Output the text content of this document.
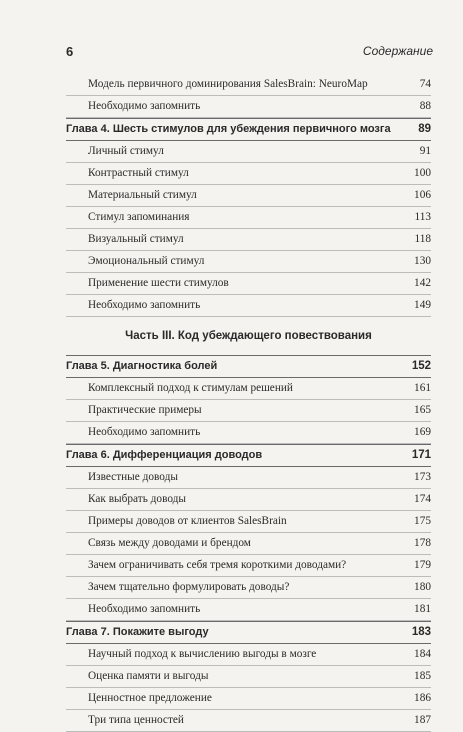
6	Содержание
Модель первичного доминирования SalesBrain: NeuroMap	74
Необходимо запомнить	88
Глава 4. Шесть стимулов для убеждения первичного мозга 89
Личный стимул	91
Контрастный стимул	100
Материальный стимул	106
Стимул запоминания	113
Визуальный стимул	118
Эмоциональный стимул	130
Применение шести стимулов	142
Необходимо запомнить	149
Часть III. Код убеждающего повествования
Глава 5. Диагностика болей	152
Комплексный подход к стимулам решений	161
Практические примеры	165
Необходимо запомнить	169
Глава 6. Дифференциация доводов	171
Известные доводы	173
Как выбрать доводы	174
Примеры доводов от клиентов SalesBrain	175
Связь между доводами и брендом	178
Зачем ограничивать себя тремя короткими доводами?	179
Зачем тщательно формулировать доводы?	180
Необходимо запомнить	181
Глава 7. Покажите выгоду	183
Научный подход к вычислению выгоды в мозге	184
Оценка памяти и выгоды	185
Ценностное предложение	186
Три типа ценностей	187
